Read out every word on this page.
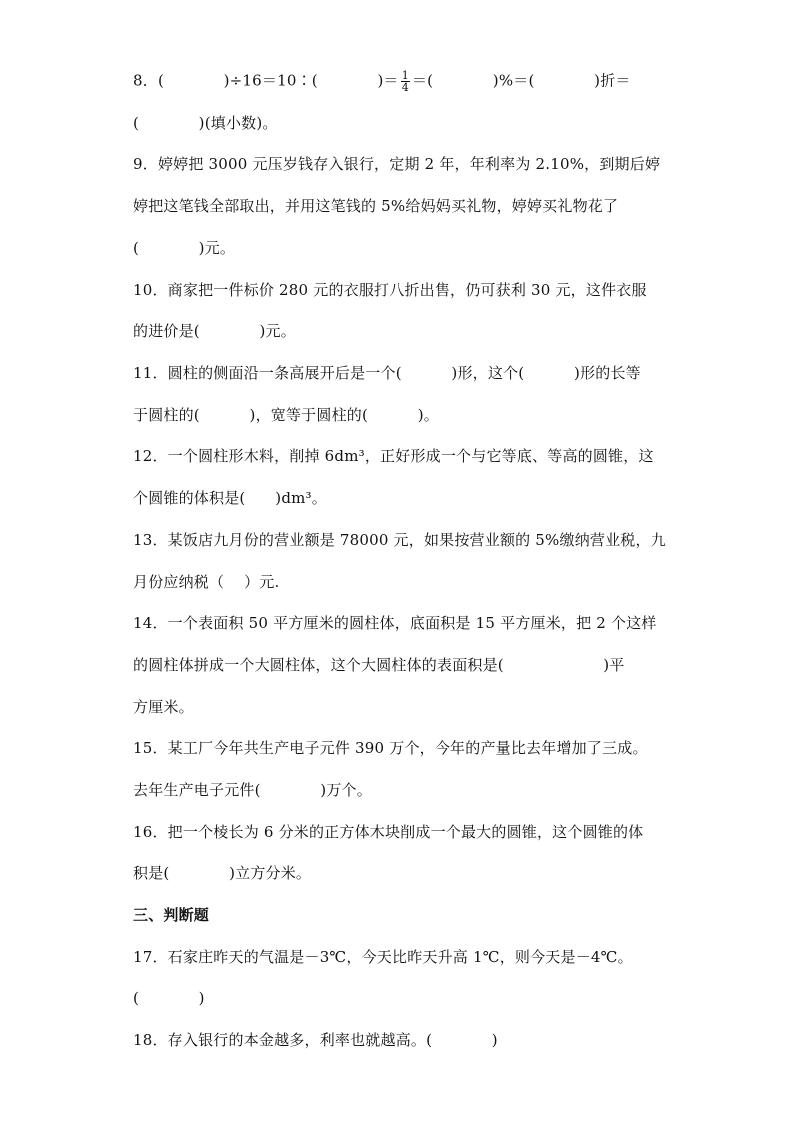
8．(            )÷16＝10∶(            )＝ $\frac{1}{4}$ ＝(            )%＝(            )折＝
(            )(填小数)。
9．婷婷把 3000 元压岁钱存入银行，定期 2 年，年利率为 2.10%，到期后婷
婷把这笔钱全部取出，并用这笔钱的 5%给妈妈买礼物，婷婷买礼物花了
(            )元。
10．商家把一件标价 280 元的衣服打八折出售，仍可获利 30 元，这件衣服
的进价是(            )元。
11．圆柱的侧面沿一条高展开后是一个(          )形，这个(          )形的长等
于圆柱的(          )，宽等于圆柱的(          )。
12．一个圆柱形木料，削掉 6dm³，正好形成一个与它等底、等高的圆锥，这
个圆锥的体积是(      )dm³。
13．某饭店九月份的营业额是 78000 元，如果按营业额的 5%缴纳营业税，九
月份应纳税（    ）元.
14．一个表面积 50 平方厘米的圆柱体，底面积是 15 平方厘米，把 2 个这样
的圆柱体拼成一个大圆柱体，这个大圆柱体的表面积是(                    )平
方厘米。
15．某工厂今年共生产电子元件 390 万个，今年的产量比去年增加了三成。
去年生产电子元件(            )万个。
16．把一个棱长为 6 分米的正方体木块削成一个最大的圆锥，这个圆锥的体
积是(            )立方分米。
三、判断题
17．石家庄昨天的气温是－3℃，今天比昨天升高 1℃，则今天是－4℃。
(            )
18．存入银行的本金越多，利率也就越高。(            )
